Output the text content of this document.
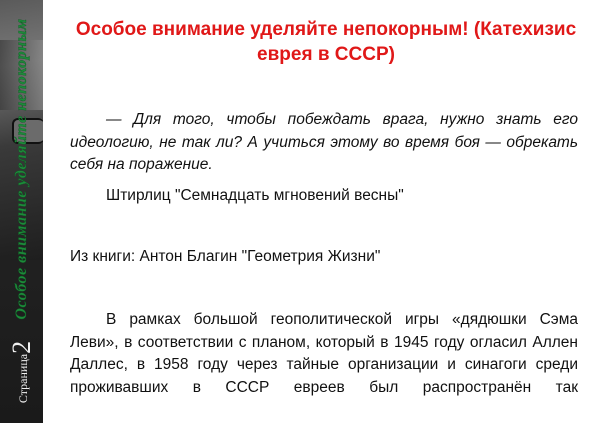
Особое внимание уделяйте непокорным
Страница2
Особое внимание уделяйте непокорным! (Катехизис еврея в СССР)

— Для того, чтобы побеждать врага, нужно знать его идеологию, не так ли? А учиться этому во время боя — обрекать себя на поражение.

Штирлиц "Семнадцать мгновений весны"

Из книги: Антон Благин "Геометрия Жизни"

В рамках большой геополитической игры «дядюшки Сэма Леви», в соответствии с планом, который в 1945 году огласил Аллен Даллес, в 1958 году через тайные организации и синагоги среди проживавших в СССР евреев был распространён так
